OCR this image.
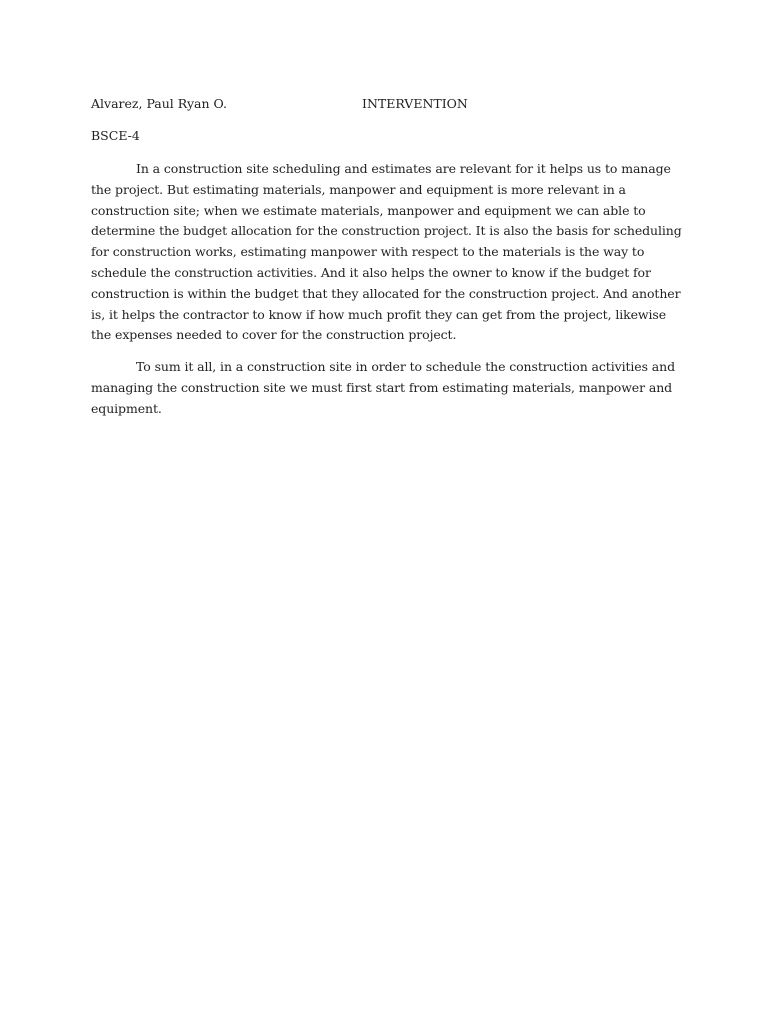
Alvarez, Paul Ryan O.	INTERVENTION
BSCE-4

In a construction site scheduling and estimates are relevant for it helps us to manage the project. But estimating materials, manpower and equipment is more relevant in a construction site; when we estimate materials, manpower and equipment we can able to determine the budget allocation for the construction project. It is also the basis for scheduling for construction works, estimating manpower with respect to the materials is the way to schedule the construction activities. And it also helps the owner to know if the budget for construction is within the budget that they allocated for the construction project. And another is, it helps the contractor to know if how much profit they can get from the project, likewise the expenses needed to cover for the construction project.

To sum it all, in a construction site in order to schedule the construction activities and managing the construction site we must first start from estimating materials, manpower and equipment.
